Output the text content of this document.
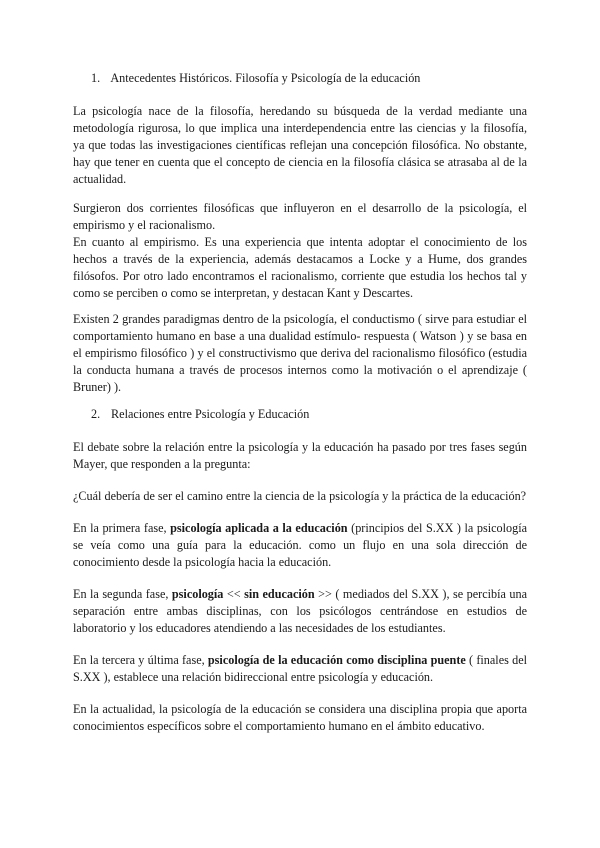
1. Antecedentes Históricos. Filosofía y Psicología de la educación
La psicología nace de la filosofía, heredando su búsqueda de la verdad mediante una metodología rigurosa, lo que implica una interdependencia entre las ciencias y la filosofía, ya que todas las investigaciones científicas reflejan una concepción filosófica. No obstante, hay que tener en cuenta que el concepto de ciencia en la filosofía clásica se atrasaba al de la actualidad.
Surgieron dos corrientes filosóficas que influyeron en el desarrollo de la psicología, el empirismo y el racionalismo.
En cuanto al empirismo. Es una experiencia que intenta adoptar el conocimiento de los hechos a través de la experiencia, además destacamos a Locke y a Hume, dos grandes filósofos. Por otro lado encontramos el racionalismo, corriente que estudia los hechos tal y como se perciben o como se interpretan, y destacan Kant y Descartes.
Existen 2 grandes paradigmas dentro de la psicología, el conductismo ( sirve para estudiar el comportamiento humano en base a una dualidad estímulo- respuesta ( Watson ) y se basa en el empirismo filosófico ) y el constructivismo que deriva del racionalismo filosófico (estudia la conducta humana a través de procesos internos como la motivación o el aprendizaje ( Bruner) ).
2. Relaciones entre Psicología y Educación
El debate sobre la relación entre la psicología y la educación ha pasado por tres fases según Mayer, que responden a la pregunta:
¿Cuál debería de ser el camino entre la ciencia de la psicología y la práctica de la educación?
En la primera fase, psicología aplicada a la educación (principios del S.XX ) la psicología se veía como una guía para la educación. como un flujo en una sola dirección de conocimiento desde la psicología hacia la educación.
En la segunda fase, psicología << sin educación >> ( mediados del S.XX ), se percibía una separación entre ambas disciplinas, con los psicólogos centrándose en estudios de laboratorio y los educadores atendiendo a las necesidades de los estudiantes.
En la tercera y última fase, psicología de la educación como disciplina puente ( finales del S.XX ), establece una relación bidireccional entre psicología y educación.
En la actualidad, la psicología de la educación se considera una disciplina propia que aporta conocimientos específicos sobre el comportamiento humano en el ámbito educativo.
